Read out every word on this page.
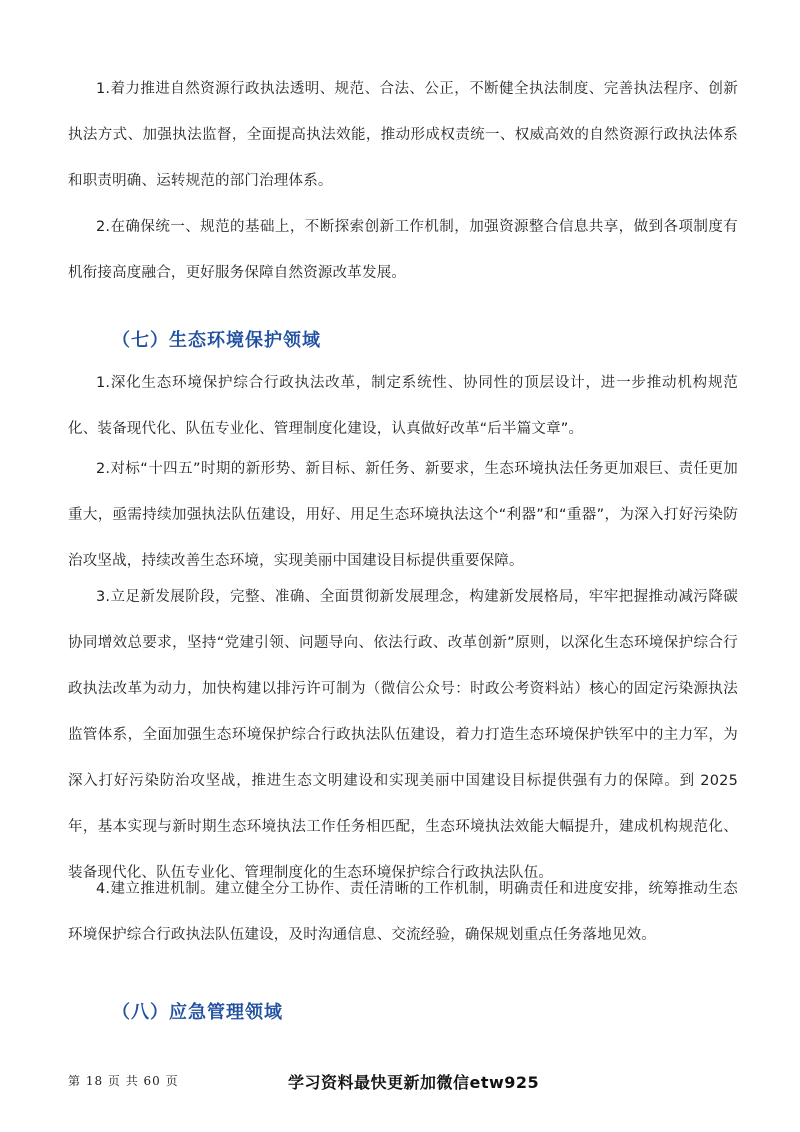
1.着力推进自然资源行政执法透明、规范、合法、公正，不断健全执法制度、完善执法程序、创新执法方式、加强执法监督，全面提高执法效能，推动形成权责统一、权威高效的自然资源行政执法体系和职责明确、运转规范的部门治理体系。

2.在确保统一、规范的基础上，不断探索创新工作机制，加强资源整合信息共享，做到各项制度有机衔接高度融合，更好服务保障自然资源改革发展。

（七）生态环境保护领域

1.深化生态环境保护综合行政执法改革，制定系统性、协同性的顶层设计，进一步推动机构规范化、装备现代化、队伍专业化、管理制度化建设，认真做好改革“后半篇文章”。

2.对标“十四五”时期的新形势、新目标、新任务、新要求，生态环境执法任务更加艰巨、责任更加重大，亟需持续加强执法队伍建设，用好、用足生态环境执法这个“利器”和“重器”，为深入打好污染防治攻坚战，持续改善生态环境，实现美丽中国建设目标提供重要保障。

3.立足新发展阶段，完整、准确、全面贯彻新发展理念，构建新发展格局，牢牢把握推动减污降碳协同增效总要求，坚持“党建引领、问题导向、依法行政、改革创新”原则，以深化生态环境保护综合行政执法改革为动力，加快构建以排污许可制为（微信公众号：时政公考资料站）核心的固定污染源执法监管体系，全面加强生态环境保护综合行政执法队伍建设，着力打造生态环境保护铁军中的主力军，为深入打好污染防治攻坚战，推进生态文明建设和实现美丽中国建设目标提供强有力的保障。到 2025 年，基本实现与新时期生态环境执法工作任务相匹配，生态环境执法效能大幅提升，建成机构规范化、装备现代化、队伍专业化、管理制度化的生态环境保护综合行政执法队伍。

4.建立推进机制。建立健全分工协作、责任清晰的工作机制，明确责任和进度安排，统筹推动生态环境保护综合行政执法队伍建设，及时沟通信息、交流经验，确保规划重点任务落地见效。

（八）应急管理领域
第 18 页 共 60 页	学习资料最快更新加微信etw925
